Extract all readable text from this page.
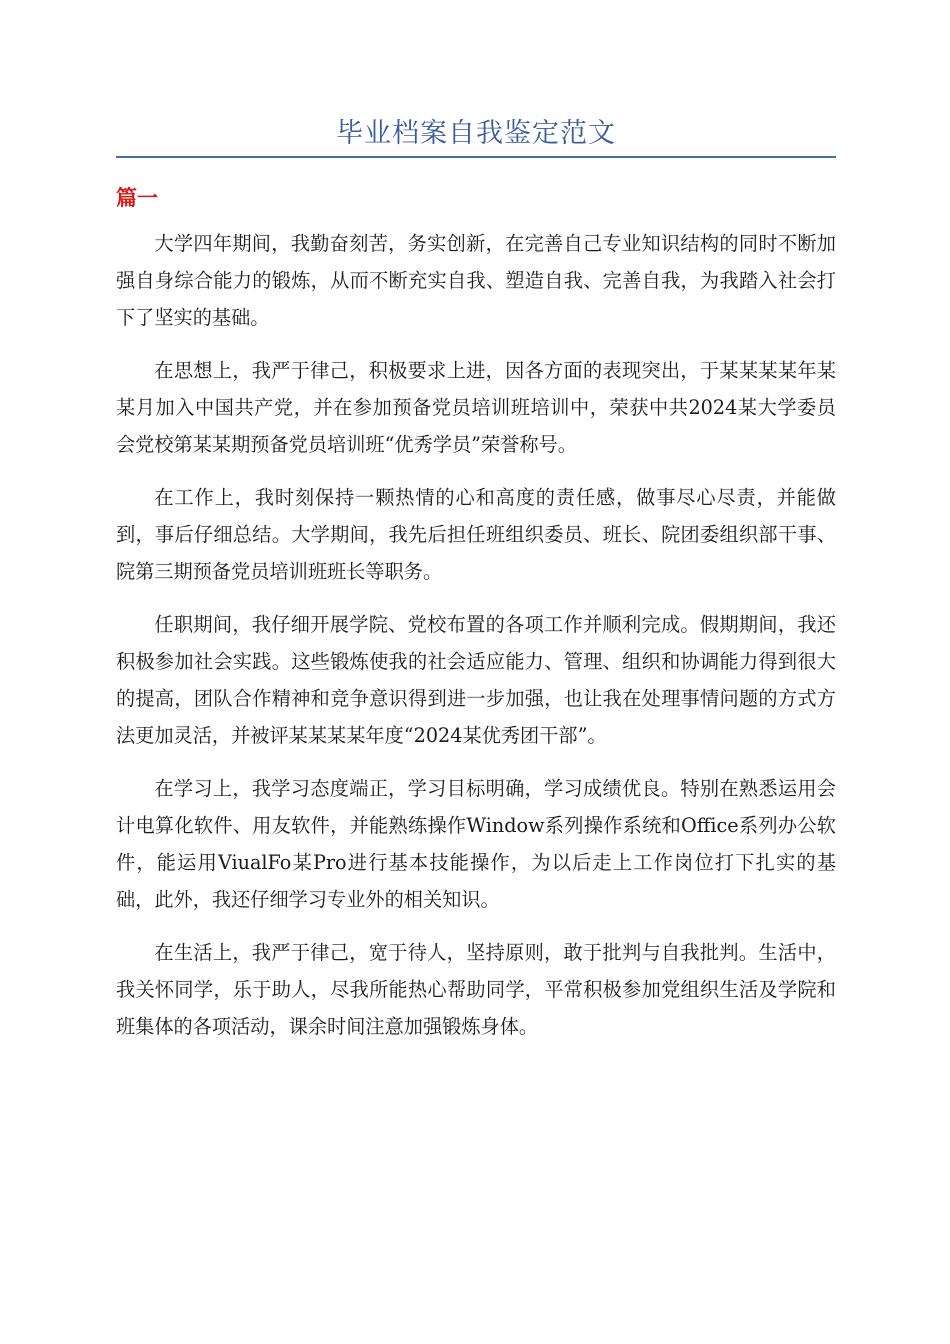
毕业档案自我鉴定范文
篇一

大学四年期间，我勤奋刻苦，务实创新，在完善自己专业知识结构的同时不断加强自身综合能力的锻炼，从而不断充实自我、塑造自我、完善自我，为我踏入社会打下了坚实的基础。

在思想上，我严于律己，积极要求上进，因各方面的表现突出，于某某某某年某某月加入中国共产党，并在参加预备党员培训班培训中，荣获中共2024某大学委员会党校第某某期预备党员培训班“优秀学员”荣誉称号。

在工作上，我时刻保持一颗热情的心和高度的责任感，做事尽心尽责，并能做到，事后仔细总结。大学期间，我先后担任班组织委员、班长、院团委组织部干事、院第三期预备党员培训班班长等职务。

任职期间，我仔细开展学院、党校布置的各项工作并顺利完成。假期期间，我还积极参加社会实践。这些锻炼使我的社会适应能力、管理、组织和协调能力得到很大的提高，团队合作精神和竞争意识得到进一步加强，也让我在处理事情问题的方式方法更加灵活，并被评某某某某年度“2024某优秀团干部”。

在学习上，我学习态度端正，学习目标明确，学习成绩优良。特别在熟悉运用会计电算化软件、用友软件，并能熟练操作Window系列操作系统和Office系列办公软件，能运用ViualFo某Pro进行基本技能操作，为以后走上工作岗位打下扎实的基础，此外，我还仔细学习专业外的相关知识。

在生活上，我严于律己，宽于待人，坚持原则，敢于批判与自我批判。生活中，我关怀同学，乐于助人，尽我所能热心帮助同学，平常积极参加党组织生活及学院和班集体的各项活动，课余时间注意加强锻炼身体。
